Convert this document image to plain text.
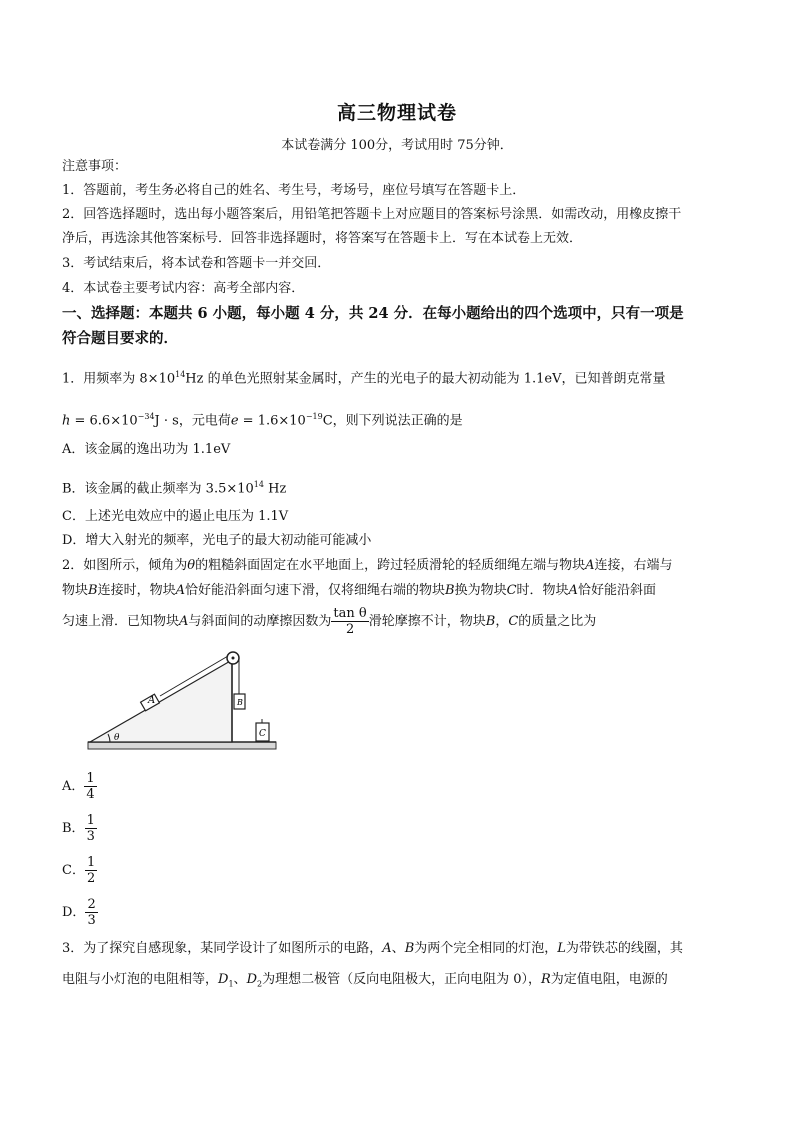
高三物理试卷
本试卷满分 100分，考试用时 75分钟．
注意事项：
1．答题前，考生务必将自己的姓名、考生号，考场号，座位号填写在答题卡上．
2．回答选择题时，选出每小题答案后，用铅笔把答题卡上对应题目的答案标号涂黑．如需改动，用橡皮擦干
净后，再选涂其他答案标号．回答非选择题时，将答案写在答题卡上．写在本试卷上无效．
3．考试结束后，将本试卷和答题卡一并交回．
4．本试卷主要考试内容：高考全部内容．
一、选择题：本题共 6 小题，每小题 4 分，共 24 分．在每小题给出的四个选项中，只有一项是
符合题目要求的．
1．用频率为 $8\times 10^{14}Hz$ 的单色光照射某金属时，产生的光电子的最大初动能为 1.1eV，已知普朗克常量
$h = 6.6\times 10^{-34}J \cdot s$，元电荷$e = 1.6\times 10^{-19}C$，则下列说法正确的是
A．该金属的逸出功为 1.1eV
B．该金属的截止频率为 $3.5\times 10^{14}$ Hz
C．上述光电效应中的遏止电压为 1.1V
D．增大入射光的频率，光电子的最大初动能可能减小
2．如图所示，倾角为θ的粗糙斜面固定在水平地面上，跨过轻质滑轮的轻质细绳左端与物块A连接，右端与
物块B连接时，物块A恰好能沿斜面匀速下滑，仅将细绳右端的物块B换为物块C时．物块A恰好能沿斜面
匀速上滑．已知物块A与斜面间的动摩擦因数为 $\frac{\text{tan θ}}{2}$ 滑轮摩擦不计，物块B，C的质量之比为
A	B
C
θ
A． $\frac{1}{4}$
B． $\frac{1}{3}$
C． $\frac{1}{2}$
D． $\frac{2}{3}$
3．为了探究自感现象，某同学设计了如图所示的电路，A、B为两个完全相同的灯泡，L为带铁芯的线圈，其
电阻与小灯泡的电阻相等，$D_1$、$D_2$为理想二极管（反向电阻极大，正向电阻为 0），R为定值电阻，电源的
